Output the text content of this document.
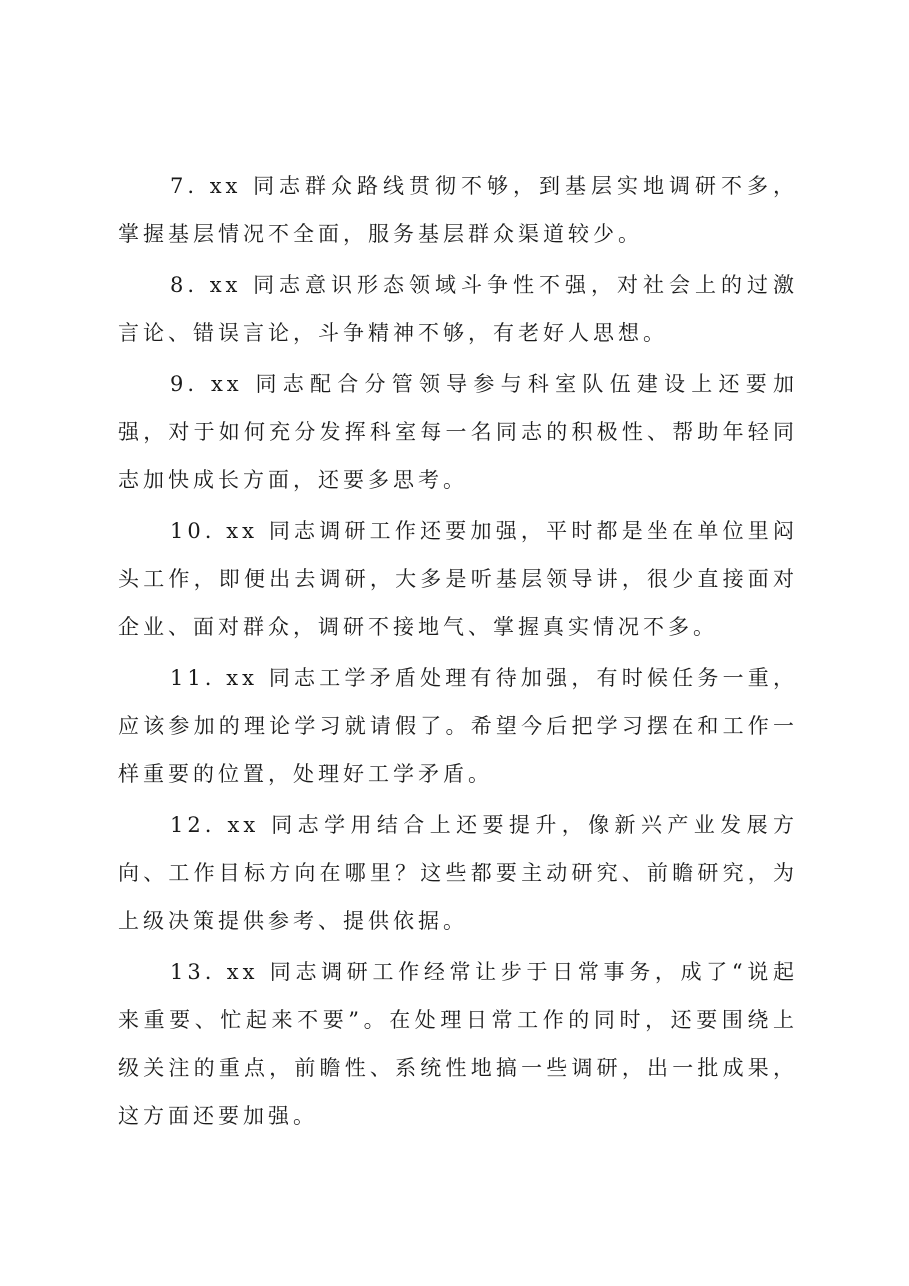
7. xx 同志群众路线贯彻不够，到基层实地调研不多，掌握基层情况不全面，服务基层群众渠道较少。

8. xx 同志意识形态领域斗争性不强，对社会上的过激言论、错误言论，斗争精神不够，有老好人思想。

9. xx 同志配合分管领导参与科室队伍建设上还要加强，对于如何充分发挥科室每一名同志的积极性、帮助年轻同志加快成长方面，还要多思考。

10. xx 同志调研工作还要加强，平时都是坐在单位里闷头工作，即便出去调研，大多是听基层领导讲，很少直接面对企业、面对群众，调研不接地气、掌握真实情况不多。

11. xx 同志工学矛盾处理有待加强，有时候任务一重，应该参加的理论学习就请假了。希望今后把学习摆在和工作一样重要的位置，处理好工学矛盾。

12. xx 同志学用结合上还要提升，像新兴产业发展方向、工作目标方向在哪里？这些都要主动研究、前瞻研究，为上级决策提供参考、提供依据。

13. xx 同志调研工作经常让步于日常事务，成了“说起来重要、忙起来不要”。在处理日常工作的同时，还要围绕上级关注的重点，前瞻性、系统性地搞一些调研，出一批成果，这方面还要加强。
